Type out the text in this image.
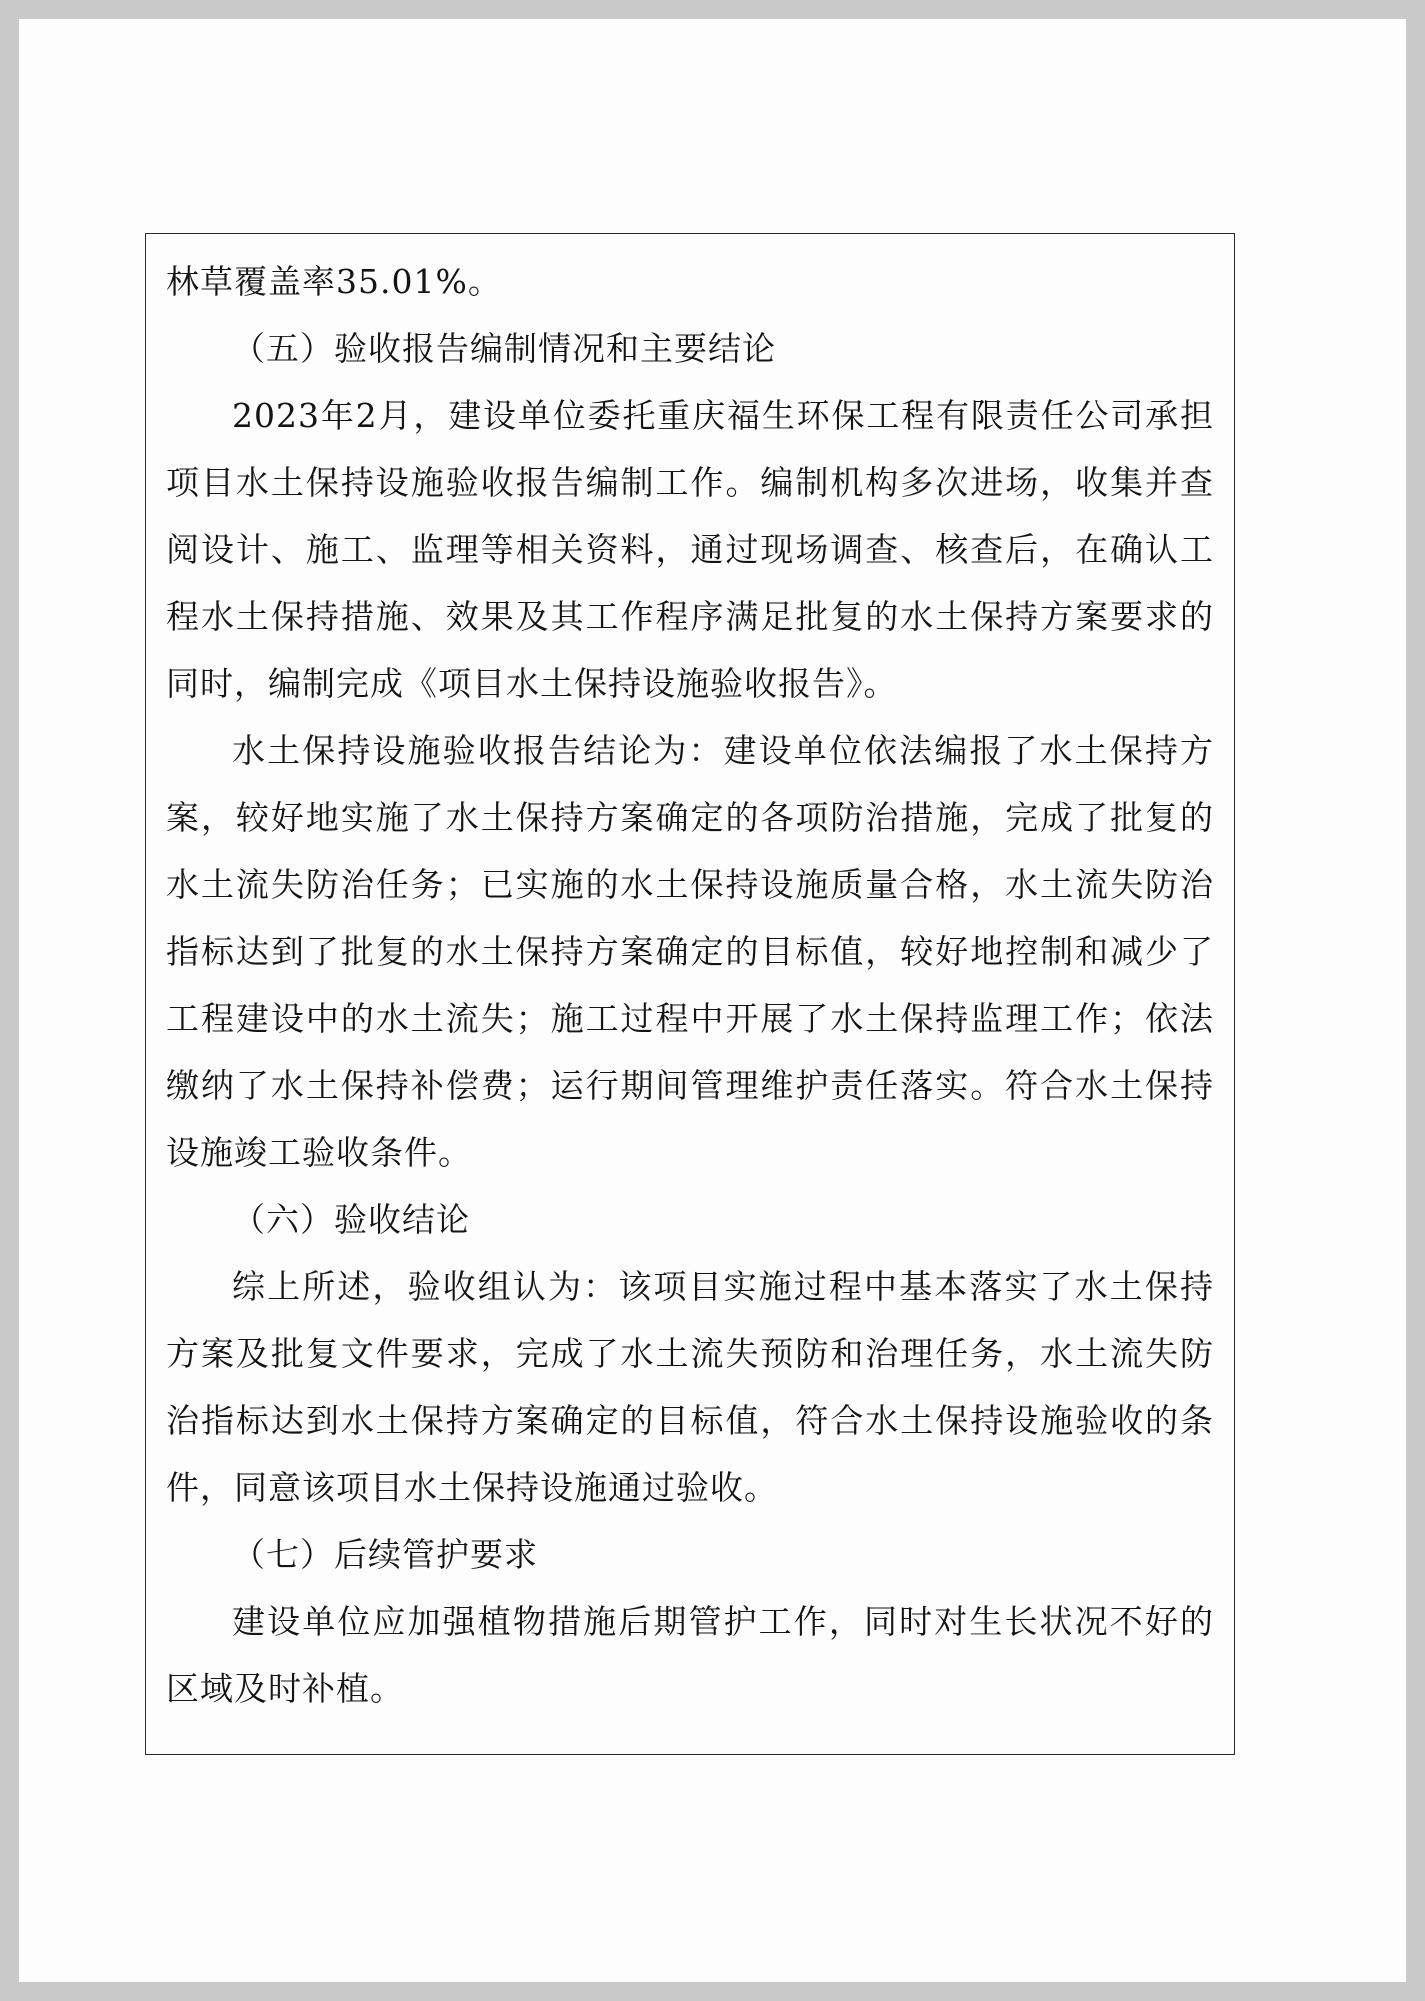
林草覆盖率35.01%。

（五）验收报告编制情况和主要结论

2023年2月，建设单位委托重庆福生环保工程有限责任公司承担项目水土保持设施验收报告编制工作。编制机构多次进场，收集并查阅设计、施工、监理等相关资料，通过现场调查、核查后，在确认工程水土保持措施、效果及其工作程序满足批复的水土保持方案要求的同时，编制完成《项目水土保持设施验收报告》。

水土保持设施验收报告结论为：建设单位依法编报了水土保持方案，较好地实施了水土保持方案确定的各项防治措施，完成了批复的水土流失防治任务；已实施的水土保持设施质量合格，水土流失防治指标达到了批复的水土保持方案确定的目标值，较好地控制和减少了工程建设中的水土流失；施工过程中开展了水土保持监理工作；依法缴纳了水土保持补偿费；运行期间管理维护责任落实。符合水土保持设施竣工验收条件。

（六）验收结论

综上所述，验收组认为：该项目实施过程中基本落实了水土保持方案及批复文件要求，完成了水土流失预防和治理任务，水土流失防治指标达到水土保持方案确定的目标值，符合水土保持设施验收的条件，同意该项目水土保持设施通过验收。

（七）后续管护要求

建设单位应加强植物措施后期管护工作，同时对生长状况不好的区域及时补植。
